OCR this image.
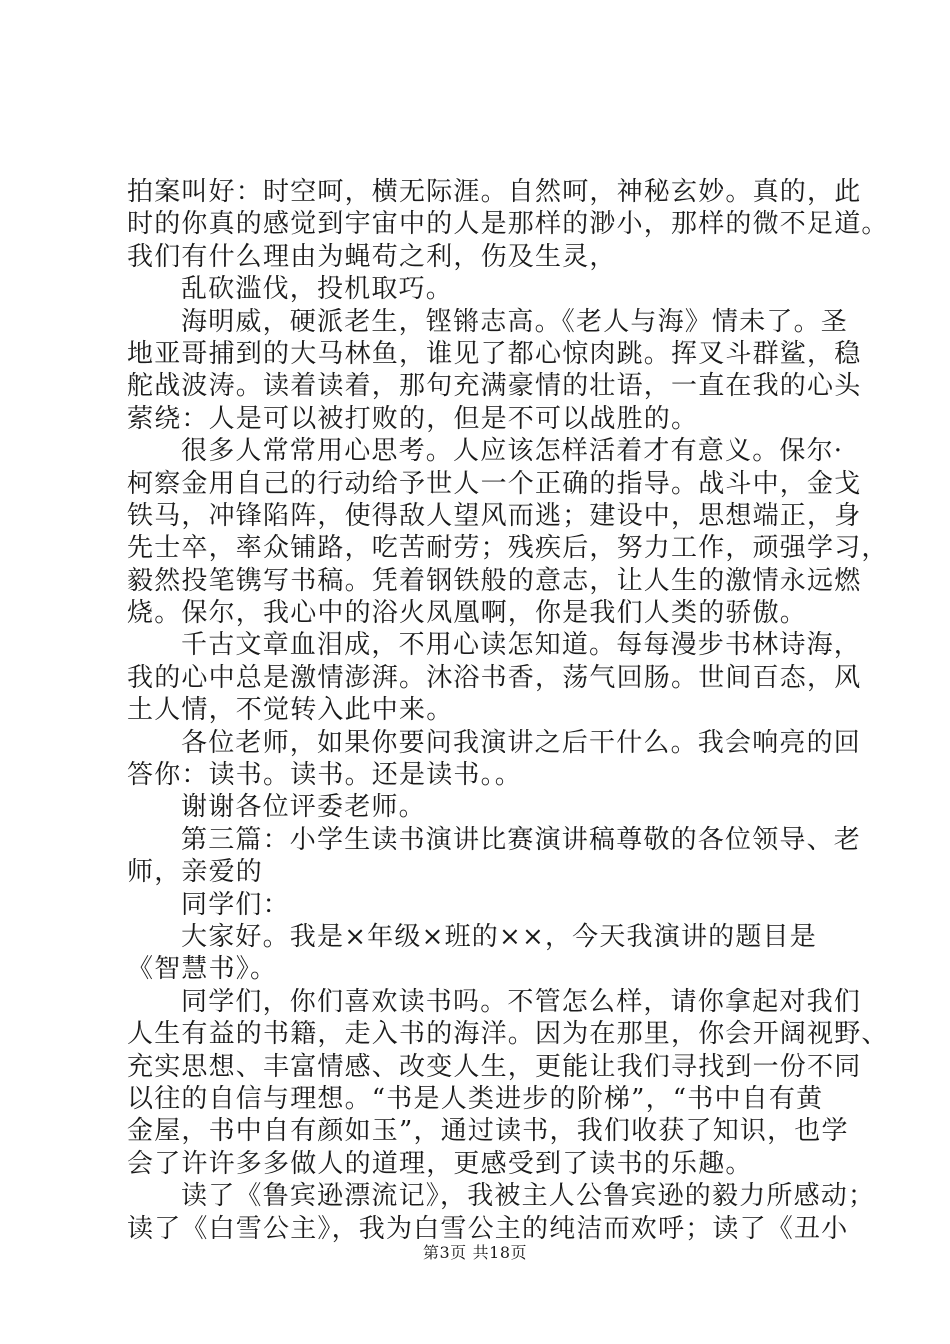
拍案叫好：时空呵，横无际涯。自然呵，神秘玄妙。真的，此
时的你真的感觉到宇宙中的人是那样的渺小，那样的微不足道。
我们有什么理由为蝇苟之利，伤及生灵，
乱砍滥伐，投机取巧。
海明威，硬派老生，铿锵志高。《老人与海》情未了。圣
地亚哥捕到的大马林鱼，谁见了都心惊肉跳。挥叉斗群鲨，稳
舵战波涛。读着读着，那句充满豪情的壮语，一直在我的心头
萦绕：人是可以被打败的，但是不可以战胜的。
很多人常常用心思考。人应该怎样活着才有意义。保尔·
柯察金用自己的行动给予世人一个正确的指导。战斗中，金戈
铁马，冲锋陷阵，使得敌人望风而逃；建设中，思想端正，身
先士卒，率众铺路，吃苦耐劳；残疾后，努力工作，顽强学习，
毅然投笔镌写书稿。凭着钢铁般的意志，让人生的激情永远燃
烧。保尔，我心中的浴火凤凰啊，你是我们人类的骄傲。
千古文章血泪成，不用心读怎知道。每每漫步书林诗海，
我的心中总是激情澎湃。沐浴书香，荡气回肠。世间百态，风
土人情，不觉转入此中来。
各位老师，如果你要问我演讲之后干什么。我会响亮的回
答你：读书。读书。还是读书。。
谢谢各位评委老师。
第三篇：小学生读书演讲比赛演讲稿尊敬的各位领导、老
师，亲爱的
同学们：
大家好。我是×年级×班的××，今天我演讲的题目是
《智慧书》。
同学们，你们喜欢读书吗。不管怎么样，请你拿起对我们
人生有益的书籍，走入书的海洋。因为在那里，你会开阔视野、
充实思想、丰富情感、改变人生，更能让我们寻找到一份不同
以往的自信与理想。“书是人类进步的阶梯”，“书中自有黄
金屋，书中自有颜如玉”，通过读书，我们收获了知识，也学
会了许许多多做人的道理，更感受到了读书的乐趣。
读了《鲁宾逊漂流记》，我被主人公鲁宾逊的毅力所感动；
读了《白雪公主》，我为白雪公主的纯洁而欢呼；读了《丑小
第3页 共18页
